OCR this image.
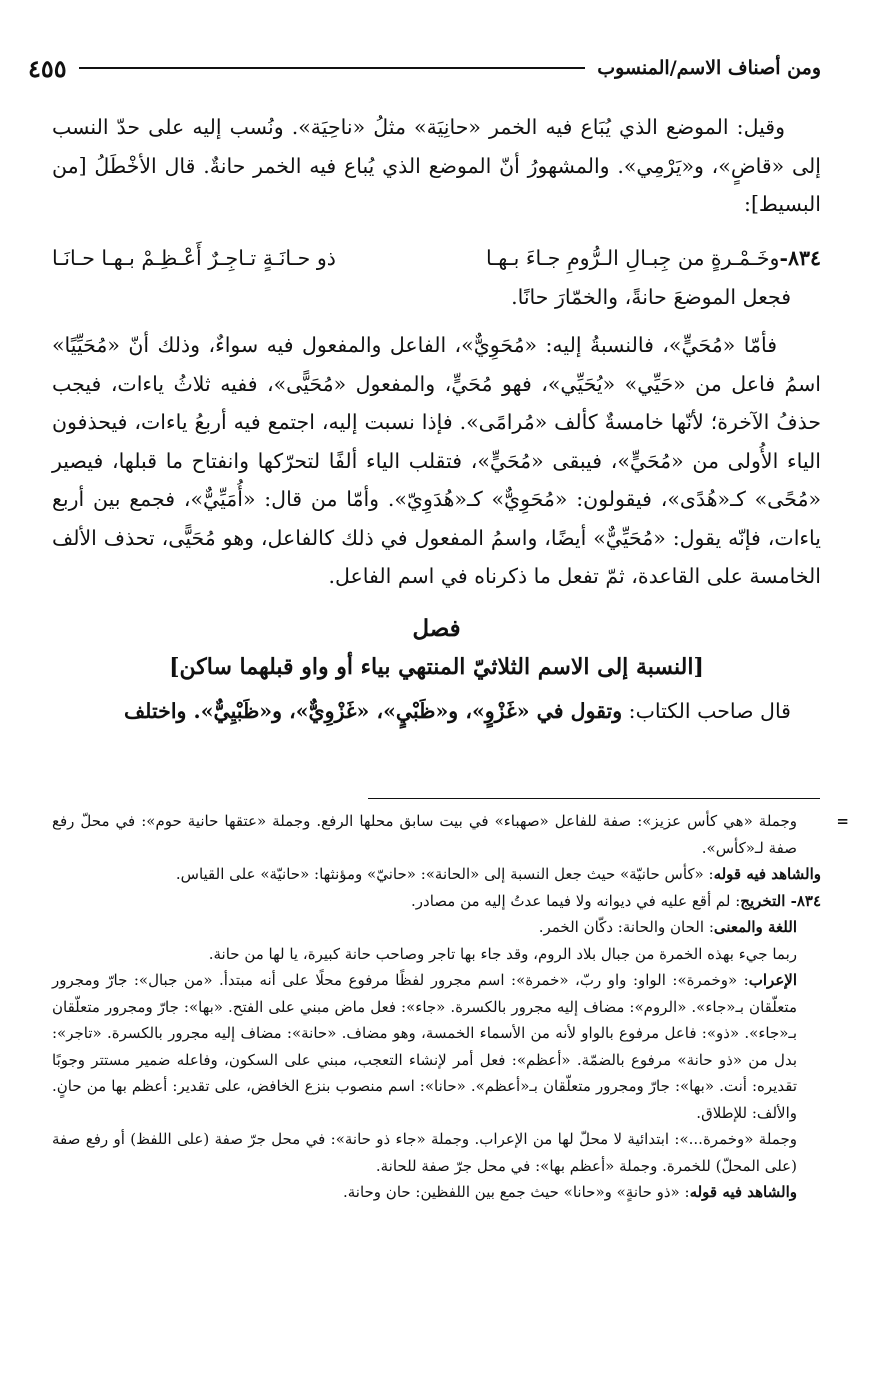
ومن أصناف الاسم/المنسوب
٤٥٥

وقيل: الموضع الذي يُبَاع فيه الخمر «حانِيَة» مثلُ «ناحِيَة». ونُسب إليه على حدّ النسب إلى «قاضٍ»، و«يَرْمِي». والمشهورُ أنّ الموضع الذي يُباع فيه الخمر حانةٌ. قال الأخْطَلُ [من البسيط]:

٨٣٤-وخَـمْـرةٍ من جِبـالِ الـرُّومِ جـاءَ بـهـا
ذو حـانَـةٍ تـاجِـرٌ أَعْـظِـمْ بـهـا حـانَـا

فجعل الموضعَ حانةً، والخمّارَ حانًا.

فأمّا «مُحَيٍّ»، فالنسبةُ إليه: «مُحَوِيٌّ»، الفاعل والمفعول فيه سواءٌ، وذلك أنّ «مُحَيِّيًا» اسمُ فاعل من «حَيِّي» «يُحَيِّي»، فهو مُحَيٍّ، والمفعول «مُحَيًّى»، ففيه ثلاثُ ياءات، فيجب حذفُ الآخرة؛ لأنّها خامسةٌ كألف «مُرامًى». فإذا نسبت إليه، اجتمع فيه أربعُ ياءات، فيحذفون الياء الأُولى من «مُحَيٍّ»، فيبقى «مُحَيٍّ»، فتقلب الياء ألفًا لتحرّكها وانفتاح ما قبلها، فيصير «مُحًى» كـ«هُدًى»، فيقولون: «مُحَوِيٌّ» كـ«هُدَوِيّ». وأمّا من قال: «أُمَيِّيٌّ»، فجمع بين أربع ياءات، فإنّه يقول: «مُحَيِّيٌّ» أيضًا، واسمُ المفعول في ذلك كالفاعل، وهو مُحَيًّى، تحذف الألف الخامسة على القاعدة، ثمّ تفعل ما ذكرناه في اسم الفاعل.

فصل
[النسبة إلى الاسم الثلاثيّ المنتهي بياء أو واو قبلهما ساكن]

قال صاحب الكتاب: وتقول في «غَزْوٍ»، و«ظَبْيٍ»، «غَزْوِيٌّ»، و«ظَبْيِيٌّ». واختلف

=
وجملة «هي كأس عزيز»: صفة للفاعل «صهباء» في بيت سابق محلها الرفع. وجملة «عتقها حانية حوم»: في محلّ رفع صفة لـ«كأس».

والشاهد فيه قوله: «كأس حانيّة» حيث جعل النسبة إلى «الحانة»: «حانيّ» ومؤنثها: «حانيّة» على القياس.

٨٣٤- التخريج: لم أقع عليه في ديوانه ولا فيما عدتُ إليه من مصادر.

اللغة والمعنى: الحان والحانة: دكّان الخمر.

ربما جيء بهذه الخمرة من جبال بلاد الروم، وقد جاء بها تاجر وصاحب حانة كبيرة، يا لها من حانة.

الإعراب: «وخمرة»: الواو: واو ربّ، «خمرة»: اسم مجرور لفظًا مرفوع محلًا على أنه مبتدأ. «من جبال»: جارّ ومجرور متعلّقان بـ«جاء». «الروم»: مضاف إليه مجرور بالكسرة. «جاء»: فعل ماض مبني على الفتح. «بها»: جارّ ومجرور متعلّقان بـ«جاء». «ذو»: فاعل مرفوع بالواو لأنه من الأسماء الخمسة، وهو مضاف. «حانة»: مضاف إليه مجرور بالكسرة. «تاجر»: بدل من «ذو حانة» مرفوع بالضمّة. «أعظم»: فعل أمر لإنشاء التعجب، مبني على السكون، وفاعله ضمير مستتر وجوبًا تقديره: أنت. «بها»: جارّ ومجرور متعلّقان بـ«أعظم». «حانا»: اسم منصوب بنزع الخافض، على تقدير: أعظم بها من حانٍ. والألف: للإطلاق.

وجملة «وخمرة...»: ابتدائية لا محلّ لها من الإعراب. وجملة «جاء ذو حانة»: في محل جرّ صفة (على اللفظ) أو رفع صفة (على المحلّ) للخمرة. وجملة «أعظم بها»: في محل جرّ صفة للحانة.

والشاهد فيه قوله: «ذو حانةٍ» و«حانا» حيث جمع بين اللفظين: حان وحانة.
